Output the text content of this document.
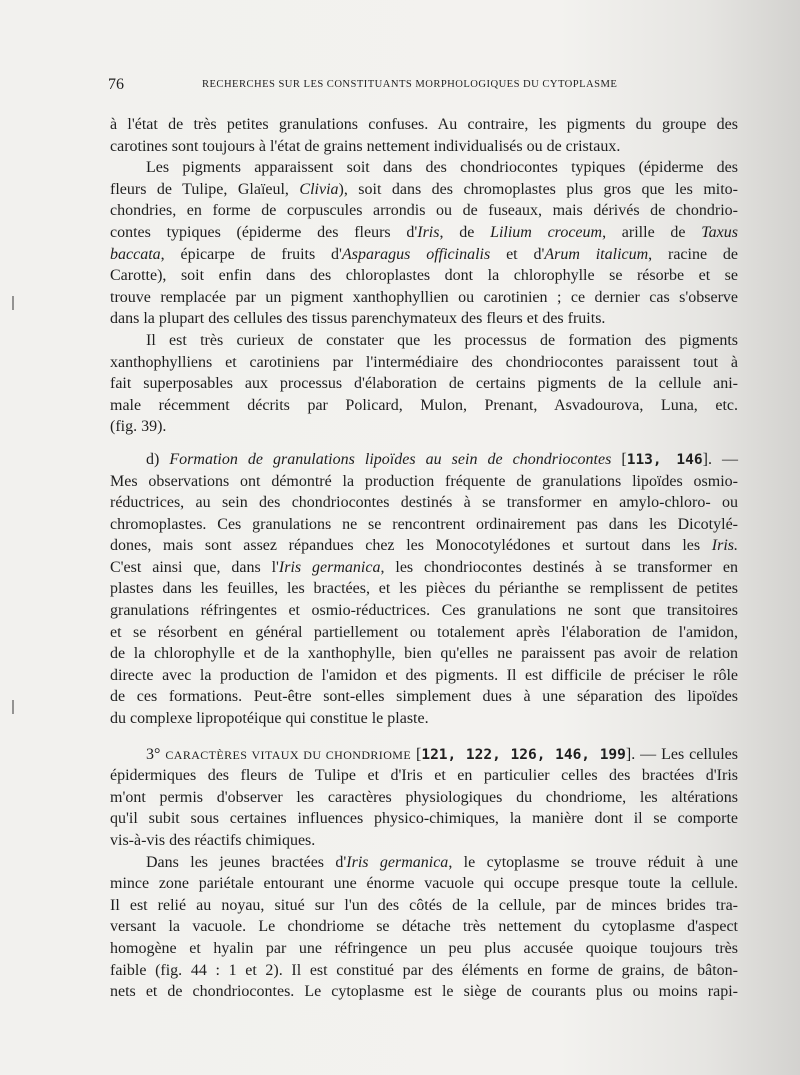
76	RECHERCHES SUR LES CONSTITUANTS MORPHOLOGIQUES DU CYTOPLASME
à l'état de très petites granulations confuses. Au contraire, les pigments du groupe des
carotines sont toujours à l'état de grains nettement individualisés ou de cristaux.
Les pigments apparaissent soit dans des chondriocontes typiques (épiderme des
fleurs de Tulipe, Glaïeul, Clivia), soit dans des chromoplastes plus gros que les mito-
chondries, en forme de corpuscules arrondis ou de fuseaux, mais dérivés de chondrio-
contes typiques (épiderme des fleurs d'Iris, de Lilium croceum, arille de Taxus
baccata, épicarpe de fruits d'Asparagus officinalis et d'Arum italicum, racine de
Carotte), soit enfin dans des chloroplastes dont la chlorophylle se résorbe et se
trouve remplacée par un pigment xanthophyllien ou carotinien ; ce dernier cas s'observe
dans la plupart des cellules des tissus parenchymateux des fleurs et des fruits.
Il est très curieux de constater que les processus de formation des pigments
xanthophylliens et carotiniens par l'intermédiaire des chondriocontes paraissent tout à
fait superposables aux processus d'élaboration de certains pigments de la cellule ani-
male récemment décrits par Policard, Mulon, Prenant, Asvadourova, Luna, etc.
(fig. 39).
d) Formation de granulations lipoïdes au sein de chondriocontes [113, 146]. —
Mes observations ont démontré la production fréquente de granulations lipoïdes osmio-
réductrices, au sein des chondriocontes destinés à se transformer en amylo-chloro- ou
chromoplastes. Ces granulations ne se rencontrent ordinairement pas dans les Dicotylé-
dones, mais sont assez répandues chez les Monocotylédones et surtout dans les Iris.
C'est ainsi que, dans l'Iris germanica, les chondriocontes destinés à se transformer en
plastes dans les feuilles, les bractées, et les pièces du périanthe se remplissent de petites
granulations réfringentes et osmio-réductrices. Ces granulations ne sont que transitoires
et se résorbent en général partiellement ou totalement après l'élaboration de l'amidon,
de la chlorophylle et de la xanthophylle, bien qu'elles ne paraissent pas avoir de relation
directe avec la production de l'amidon et des pigments. Il est difficile de préciser le rôle
de ces formations. Peut-être sont-elles simplement dues à une séparation des lipoïdes
du complexe lipropotéique qui constitue le plaste.
3° CARACTÈRES VITAUX DU CHONDRIOME [121, 122, 126, 146, 199]. — Les cellules
épidermiques des fleurs de Tulipe et d'Iris et en particulier celles des bractées d'Iris
m'ont permis d'observer les caractères physiologiques du chondriome, les altérations
qu'il subit sous certaines influences physico-chimiques, la manière dont il se comporte
vis-à-vis des réactifs chimiques.
Dans les jeunes bractées d'Iris germanica, le cytoplasme se trouve réduit à une
mince zone pariétale entourant une énorme vacuole qui occupe presque toute la cellule.
Il est relié au noyau, situé sur l'un des côtés de la cellule, par de minces brides tra-
versant la vacuole. Le chondriome se détache très nettement du cytoplasme d'aspect
homogène et hyalin par une réfringence un peu plus accusée quoique toujours très
faible (fig. 44 : 1 et 2). Il est constitué par des éléments en forme de grains, de bâton-
nets et de chondriocontes. Le cytoplasme est le siège de courants plus ou moins rapi-
